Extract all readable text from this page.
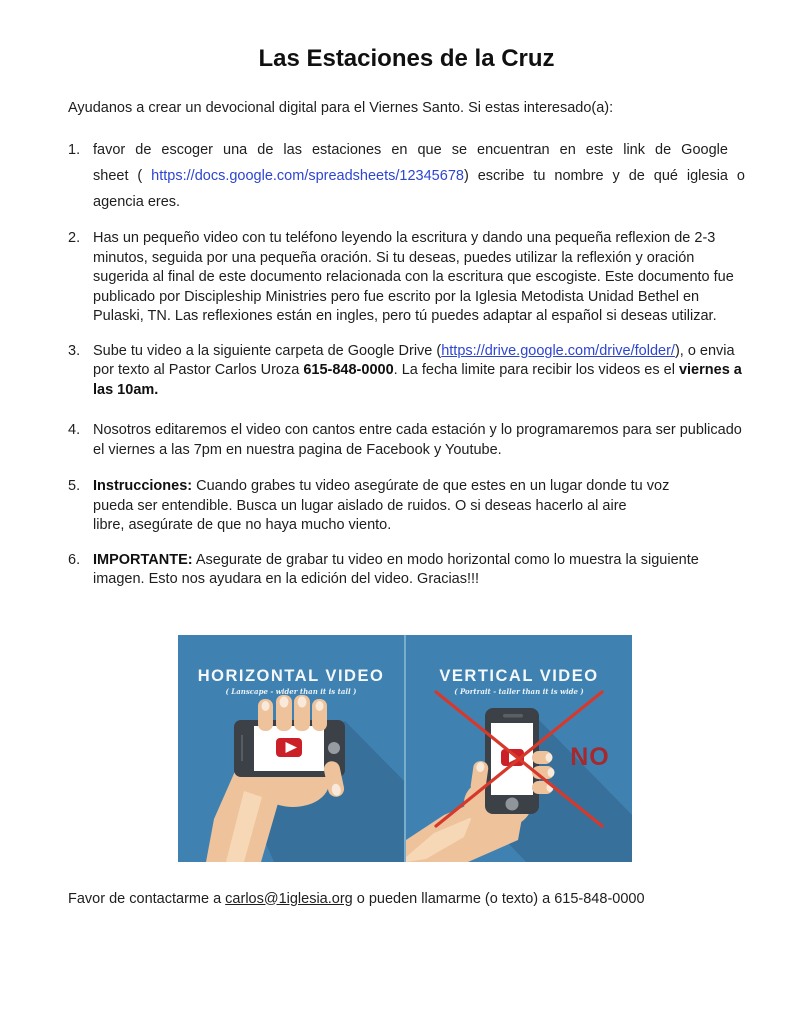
Las Estaciones de la Cruz

Ayudanos a crear un devocional digital para el Viernes Santo. Si estas interesado(a):

1. favor de escoger una de las estaciones en que se encuentran en este link de Google
sheet ( https://docs.google.com/spreadsheets/12345678) escribe tu nombre y de qué iglesia o agencia eres.
2. Has un pequeño video con tu teléfono leyendo la escritura y dando una pequeña reflexion de 2-3 minutos, seguida por una pequeña oración. Si tu deseas, puedes utilizar la reflexión y oración sugerida al final de este documento relacionada con la escritura que escogiste. Este documento fue publicado por Discipleship Ministries pero fue escrito por la Iglesia Metodista Unidad Bethel en Pulaski, TN. Las reflexiones están en ingles, pero tú puedes adaptar al español si deseas utilizar.
3. Sube tu video a la siguiente carpeta de Google Drive (https://drive.google.com/drive/folder/), o envia por texto al Pastor Carlos Uroza 615-848-0000. La fecha limite para recibir los videos es el viernes a las 10am.
4. Nosotros editaremos el video con cantos entre cada estación y lo programaremos para ser publicado el viernes a las 7pm en nuestra pagina de Facebook y Youtube.
5. Instrucciones: Cuando grabes tu video asegúrate de que estes en un lugar donde tu voz
pueda ser entendible. Busca un lugar aislado de ruidos. O si deseas hacerlo al aire
libre, asegúrate de que no haya mucho viento.
6. IMPORTANTE: Asegurate de grabar tu video en modo horizontal como lo muestra la siguiente imagen. Esto nos ayudara en la edición del video. Gracias!!!
HORIZONTAL VIDEO
( Lanscape - wider than it is tall )
NO
VERTICAL VIDEO
( Portrait - taller than it is wide )

Favor de contactarme a carlos@1iglesia.org o pueden llamarme (o texto) a 615-848-0000
